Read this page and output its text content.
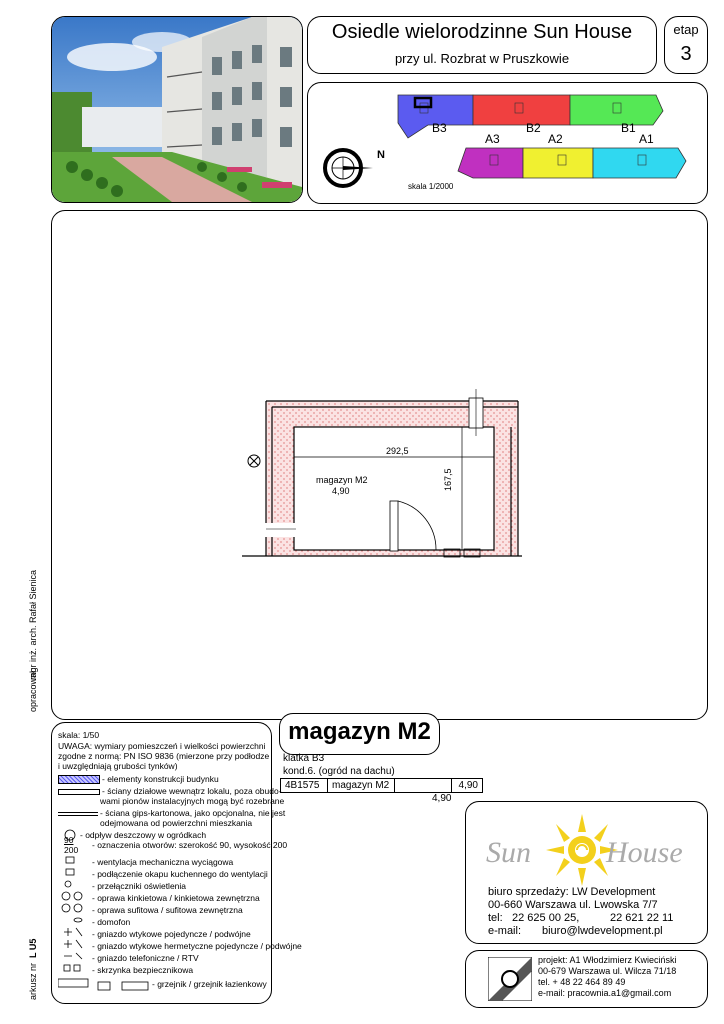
Osiedle wielorodzinne Sun House
przy ul. Rozbrat w Pruszkowie
etap
3
B3	B2	B1
A3	A2	A1
N
skala 1/2000
292,5
167,5
magazyn M2
4,90
opracował:
mgr inż. arch. Rafał Sienica
arkusz nr
L U5
skala: 1/50
UWAGA: wymiary pomieszczeń i wielkości powierzchni
zgodne z normą: PN ISO 9836 (mierzone przy podłodze
i uwzględniają grubości tynków)
- elementy konstrukcji budynku
- ściany działowe wewnątrz lokalu, poza obudo-
wami pionów instalacyjnych mogą być rozebrane
- ściana gips-kartonowa, jako opcjonalna, nie jest
odejmowana od powierzchni mieszkania
- odpływ deszczowy w ogródkach
90
200 - oznaczenia otworów: szerokość 90, wysokość 200
- wentylacja mechaniczna wyciągowa
- podłączenie okapu kuchennego do wentylacji
- przełączniki oświetlenia
- oprawa kinkietowa / kinkietowa zewnętrzna
- oprawa sufitowa / sufitowa zewnętrzna
- domofon
- gniazdo wtykowe pojedyncze / podwójne
- gniazdo wtykowe hermetyczne pojedyncze / podwójne
- gniazdo telefoniczne / RTV
- skrzynka bezpiecznikowa
- grzejnik / grzejnik łazienkowy
magazyn M2
klatka B3
kond.6. (ogród na dachu)
4B1575	magazyn M2		4,90
4,90
Sun	House
biuro sprzedaży: LW Development
00-660 Warszawa ul. Lwowska 7/7
tel: 22 625 00 25,	22 621 22 11
e-mail: biuro@lwdevelopment.pl
projekt: A1 Włodzimierz Kwieciński
00-679 Warszawa ul. Wilcza 71/18
tel. + 48 22 464 89 49
e-mail: pracownia.a1@gmail.com
